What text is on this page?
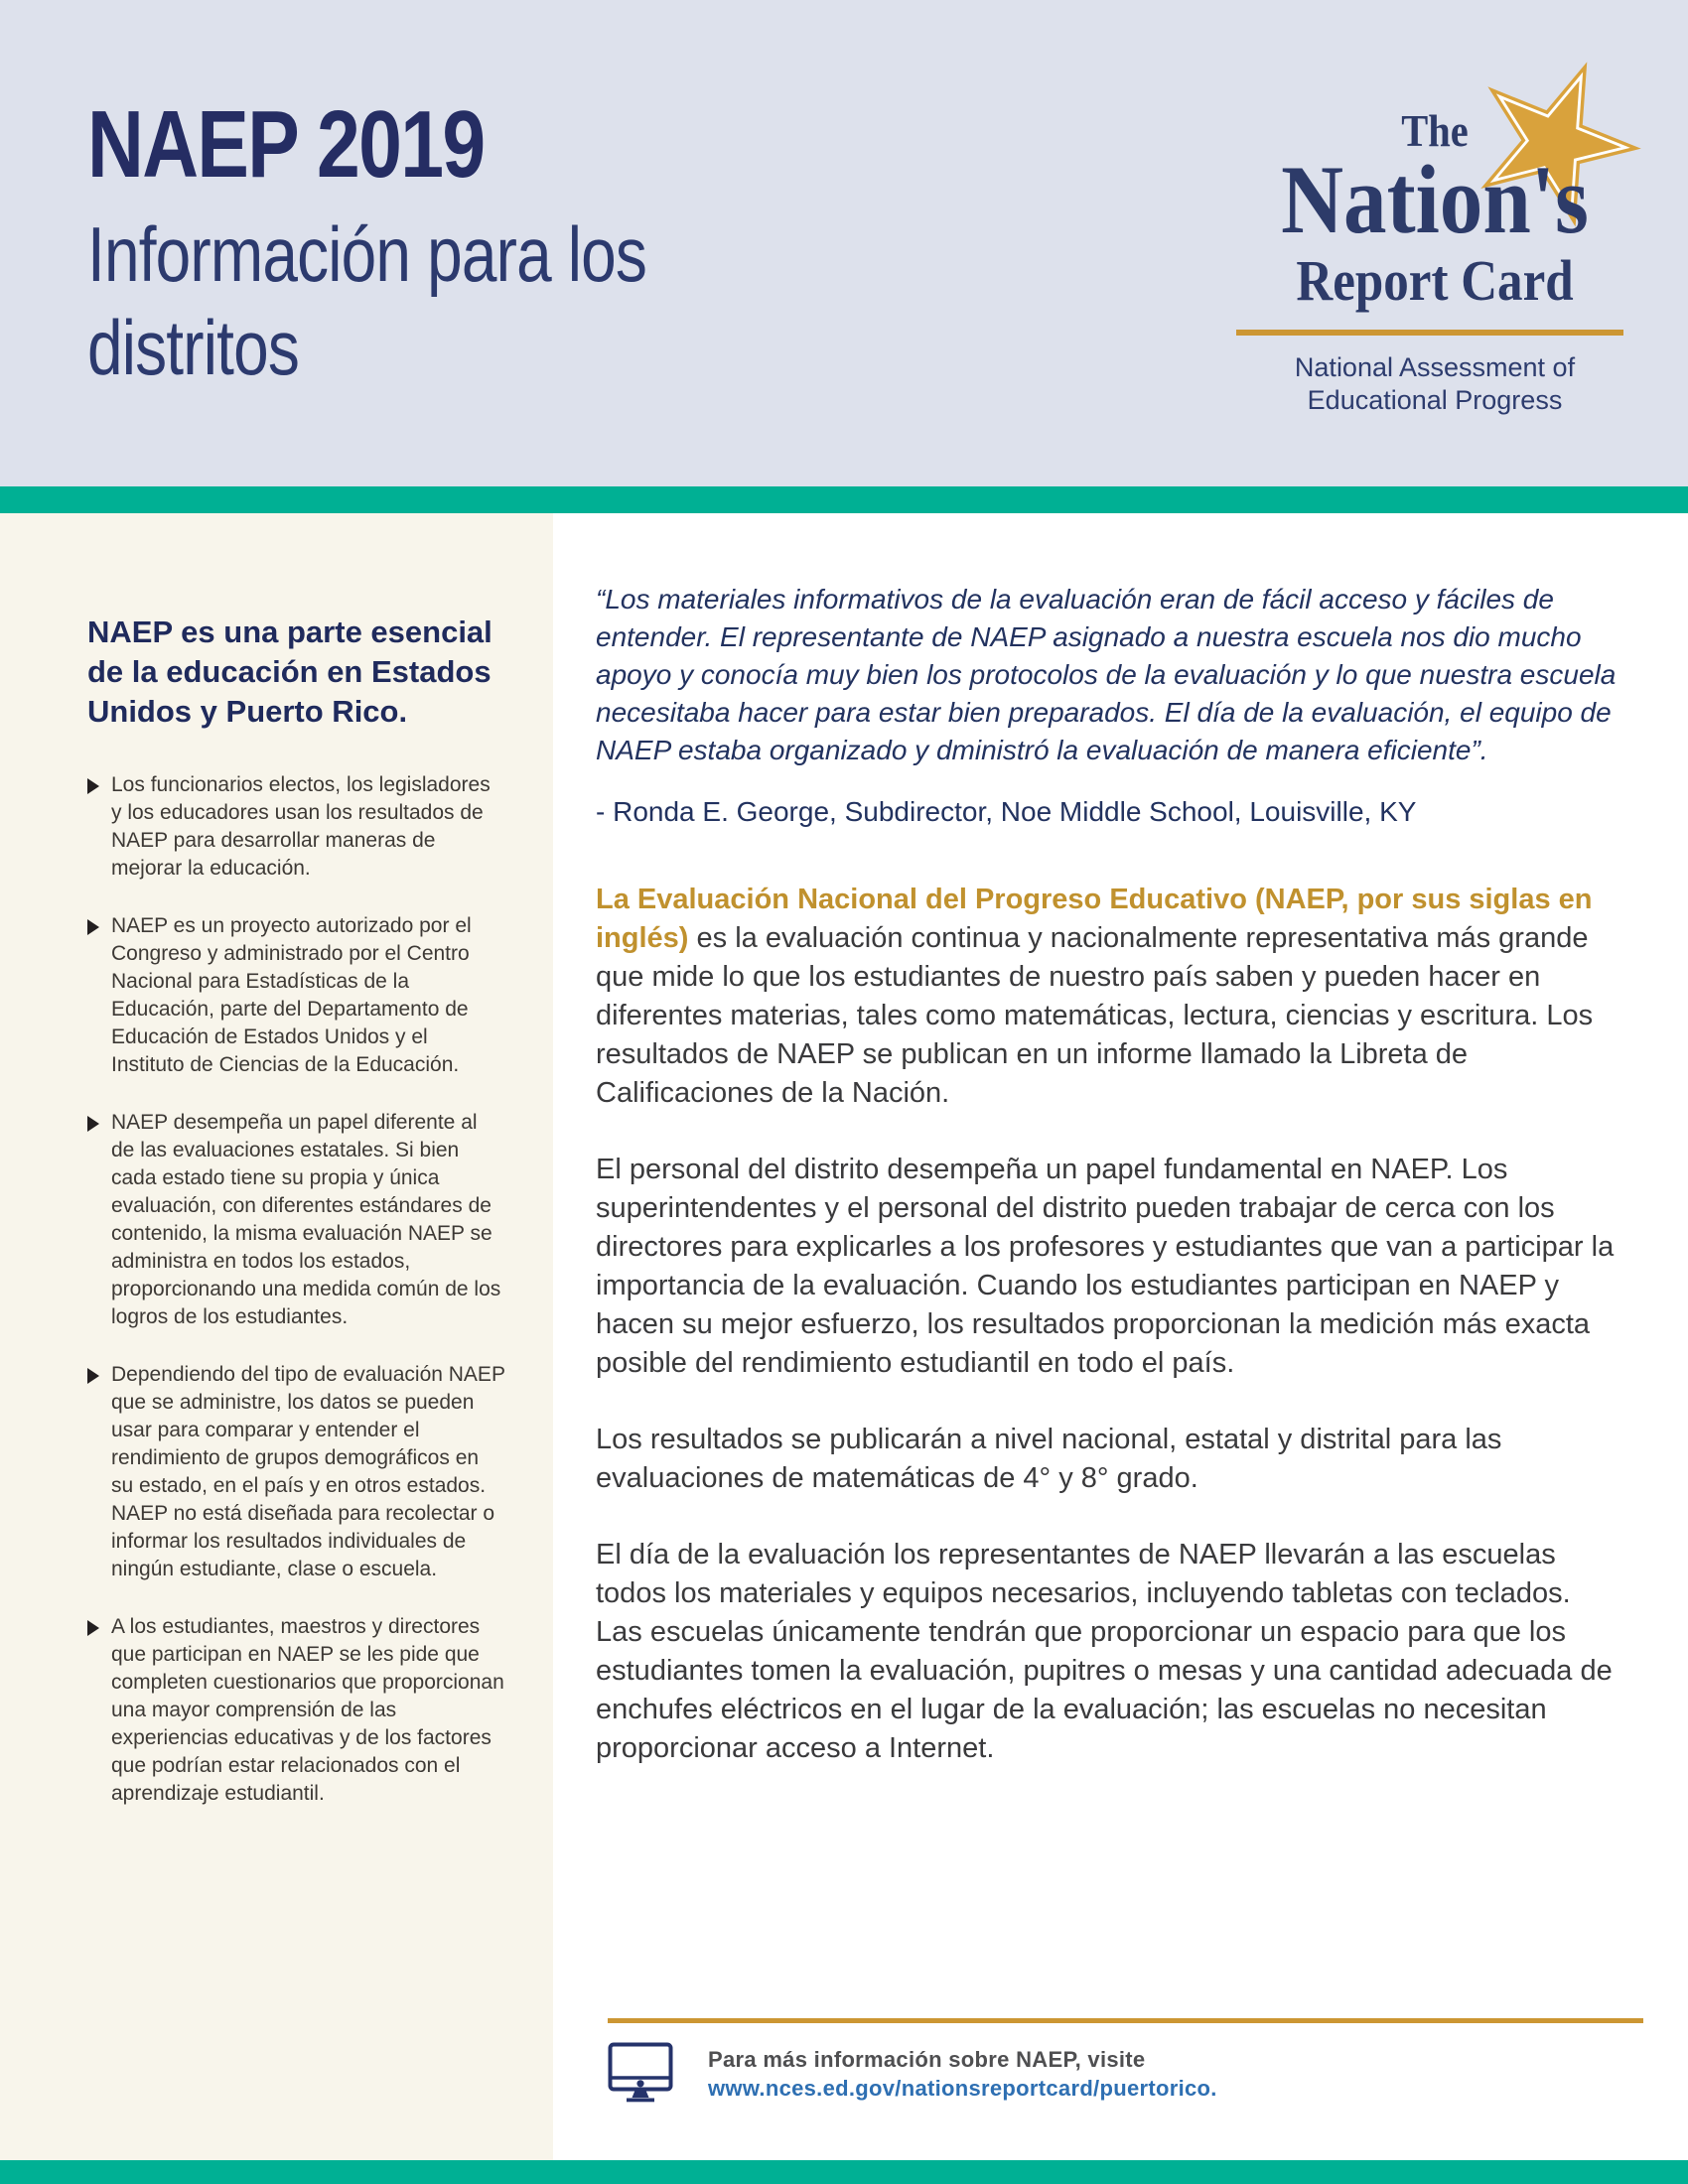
NAEP 2019
Información para los distritos
The
Nation's
Report Card
National Assessment of
Educational Progress
NAEP es una parte esencial de la educación en Estados Unidos y Puerto Rico.
Los funcionarios electos, los legisladores y los educadores usan los resultados de NAEP para desarrollar maneras de mejorar la educación.
NAEP es un proyecto autorizado por el Congreso y administrado por el Centro Nacional para Estadísticas de la Educación, parte del Departamento de Educación de Estados Unidos y el Instituto de Ciencias de la Educación.
NAEP desempeña un papel diferente al de las evaluaciones estatales. Si bien cada estado tiene su propia y única evaluación, con diferentes estándares de contenido, la misma evaluación NAEP se administra en todos los estados, proporcionando una medida común de los logros de los estudiantes.
Dependiendo del tipo de evaluación NAEP que se administre, los datos se pueden usar para comparar y entender el rendimiento de grupos demográficos en su estado, en el país y en otros estados. NAEP no está diseñada para recolectar o informar los resultados individuales de ningún estudiante, clase o escuela.
A los estudiantes, maestros y directores que participan en NAEP se les pide que completen cuestionarios que proporcionan una mayor comprensión de las experiencias educativas y de los factores que podrían estar relacionados con el aprendizaje estudiantil.
“Los materiales informativos de la evaluación eran de fácil acceso y fáciles de entender. El representante de NAEP asignado a nuestra escuela nos dio mucho apoyo y conocía muy bien los protocolos de la evaluación y lo que nuestra escuela necesitaba hacer para estar bien preparados. El día de la evaluación, el equipo de NAEP estaba organizado y dministró la evaluación de manera eficiente”.
- Ronda E. George, Subdirector, Noe Middle School, Louisville, KY

La Evaluación Nacional del Progreso Educativo (NAEP, por sus siglas en inglés) es la evaluación continua y nacionalmente representativa más grande que mide lo que los estudiantes de nuestro país saben y pueden hacer en diferentes materias, tales como matemáticas, lectura, ciencias y escritura. Los resultados de NAEP se publican en un informe llamado la Libreta de Calificaciones de la Nación.

El personal del distrito desempeña un papel fundamental en NAEP. Los superintendentes y el personal del distrito pueden trabajar de cerca con los directores para explicarles a los profesores y estudiantes que van a participar la importancia de la evaluación. Cuando los estudiantes participan en NAEP y hacen su mejor esfuerzo, los resultados proporcionan la medición más exacta posible del rendimiento estudiantil en todo el país.

Los resultados se publicarán a nivel nacional, estatal y distrital para las evaluaciones de matemáticas de 4° y 8° grado.

El día de la evaluación los representantes de NAEP llevarán a las escuelas todos los materiales y equipos necesarios, incluyendo tabletas con teclados. Las escuelas únicamente tendrán que proporcionar un espacio para que los estudiantes tomen la evaluación, pupitres o mesas y una cantidad adecuada de enchufes eléctricos en el lugar de la evaluación; las escuelas no necesitan proporcionar acceso a Internet.

Para más información sobre NAEP, visite
www.nces.ed.gov/nationsreportcard/puertorico.
